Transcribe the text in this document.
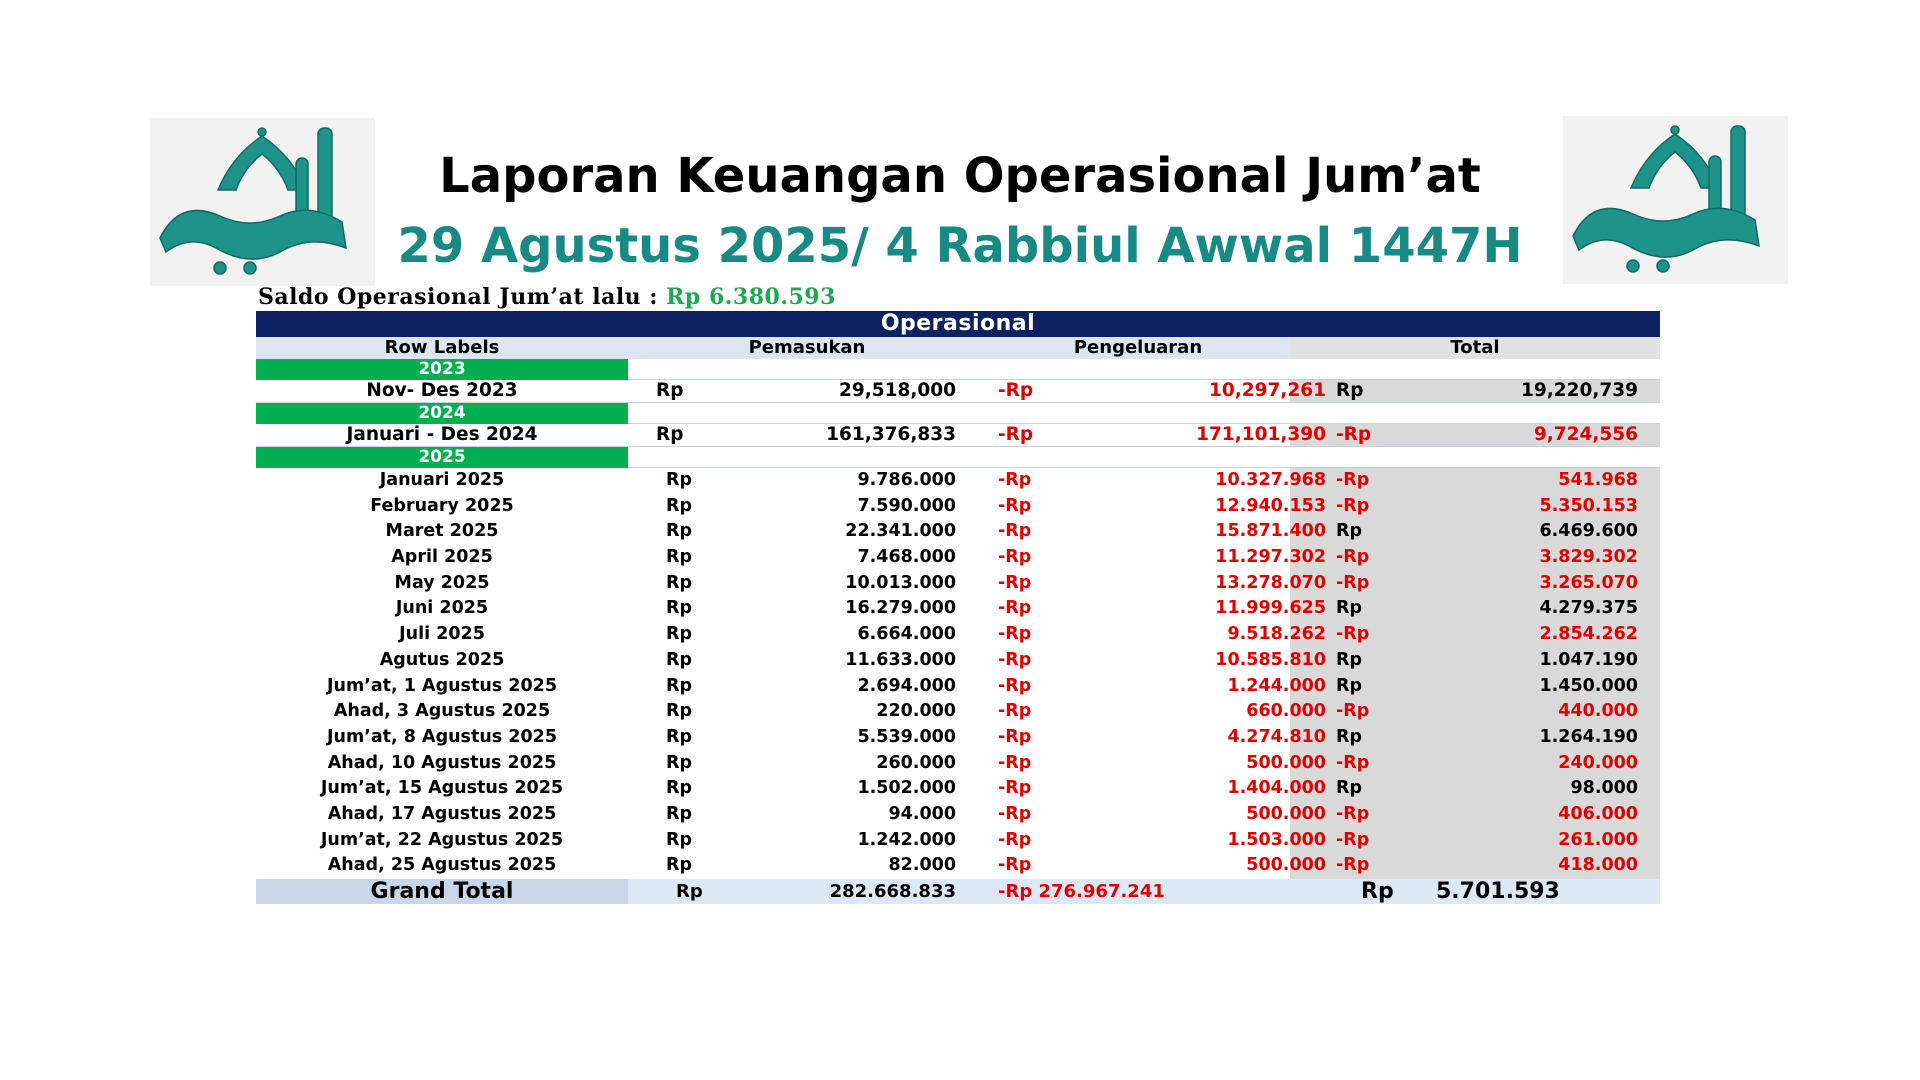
Laporan Keuangan Operasional Jum’at
29 Agustus 2025/ 4 Rabbiul Awwal 1447H
Saldo Operasional Jum’at lalu : Rp 6.380.593
Operasional
Row Labels	Pemasukan	Pengeluaran	Total
2023
Nov- Des 2023	Rp	29,518,000 -Rp	10,297,261 Rp	19,220,739
2024
Januari - Des 2024	Rp	161,376,833 -Rp	171,101,390 -Rp	9,724,556
2025
Januari 2025	Rp	9.786.000 -Rp	10.327.968 -Rp	541.968
February 2025	Rp	7.590.000 -Rp	12.940.153 -Rp	5.350.153
Maret 2025	Rp	22.341.000 -Rp	15.871.400 Rp	6.469.600
April 2025	Rp	7.468.000 -Rp	11.297.302 -Rp	3.829.302
May 2025	Rp	10.013.000 -Rp	13.278.070 -Rp	3.265.070
Juni 2025	Rp	16.279.000 -Rp	11.999.625 Rp	4.279.375
Juli 2025	Rp	6.664.000 -Rp	9.518.262 -Rp	2.854.262
Agutus 2025	Rp	11.633.000 -Rp	10.585.810 Rp	1.047.190
Jum’at, 1 Agustus 2025	Rp	2.694.000 -Rp	1.244.000 Rp	1.450.000
Ahad, 3 Agustus 2025	Rp	220.000 -Rp	660.000 -Rp	440.000
Jum’at, 8 Agustus 2025	Rp	5.539.000 -Rp	4.274.810 Rp	1.264.190
Ahad, 10 Agustus 2025	Rp	260.000 -Rp	500.000 -Rp	240.000
Jum’at, 15 Agustus 2025	Rp	1.502.000 -Rp	1.404.000 Rp	98.000
Ahad, 17 Agustus 2025	Rp	94.000 -Rp	500.000 -Rp	406.000
Jum’at, 22 Agustus 2025	Rp	1.242.000 -Rp	1.503.000 -Rp	261.000
Ahad, 25 Agustus 2025	Rp	82.000 -Rp	500.000 -Rp	418.000
Grand Total	Rp	282.668.833 -Rp 276.967.241	Rp 5.701.593
